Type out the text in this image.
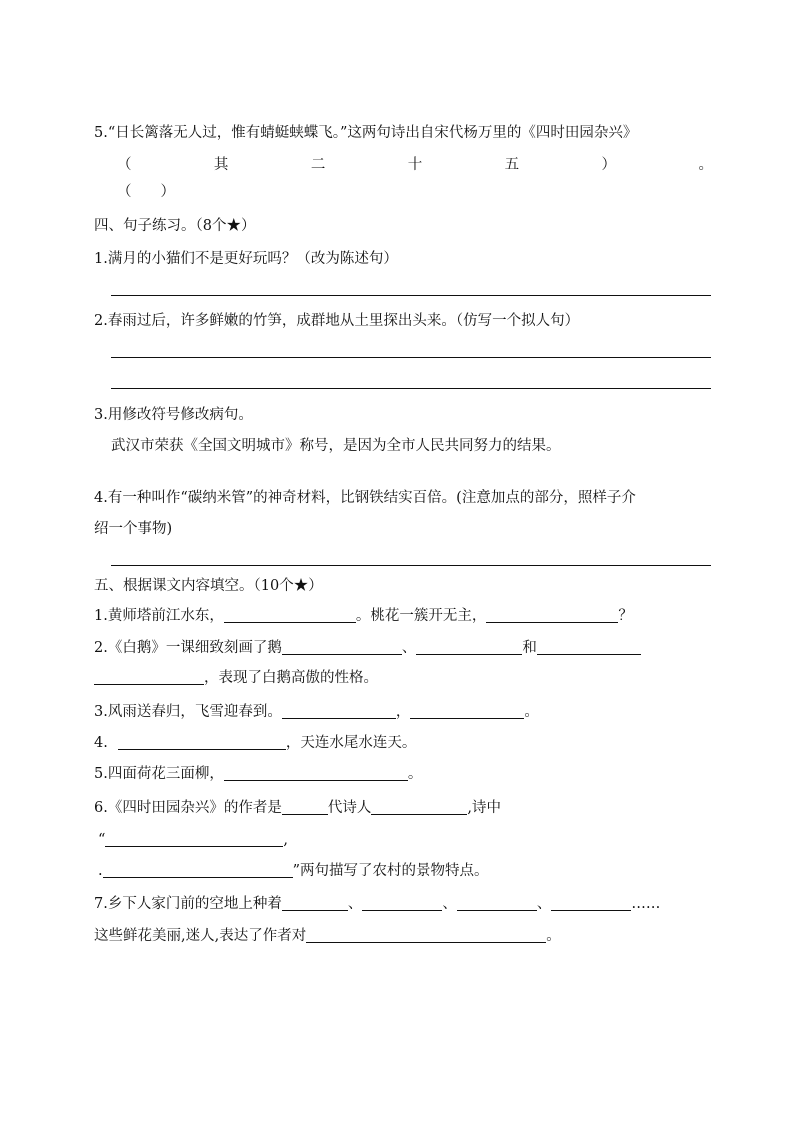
5.“日长篱落无人过，惟有蜻蜓蛱蝶飞。”这两句诗出自宋代杨万里的《四时田园杂兴》
（	其	二	十	五	）	。
（　　）
四、句子练习。（8个★）
1.满月的小猫们不是更好玩吗？（改为陈述句）
2.春雨过后，许多鲜嫩的竹笋，成群地从土里探出头来。（仿写一个拟人句）
3.用修改符号修改病句。
武汉市荣获《全国文明城市》称号，是因为全市人民共同努力的结果。
4.有一种叫作“碳纳米管”的神奇材料，比钢铁结实百倍。(注意加点的部分，照样子介
绍一个事物)
五、根据课文内容填空。（10个★）
1.黄师塔前江水东，	。桃花一簇开无主，	？
2.《白鹅》一课细致刻画了鹅	、	和
，表现了白鹅高傲的性格。
3.风雨送春归，飞雪迎春到。	，	。
4.	，天连水尾水连天。
5.四面荷花三面柳，	。
6.《四时田园杂兴》的作者是	代诗人	,诗中
“	,
.	”两句描写了农村的景物特点。
7.乡下人家门前的空地上种着	、	、	、	……
这些鲜花美丽,迷人,表达了作者对	。
